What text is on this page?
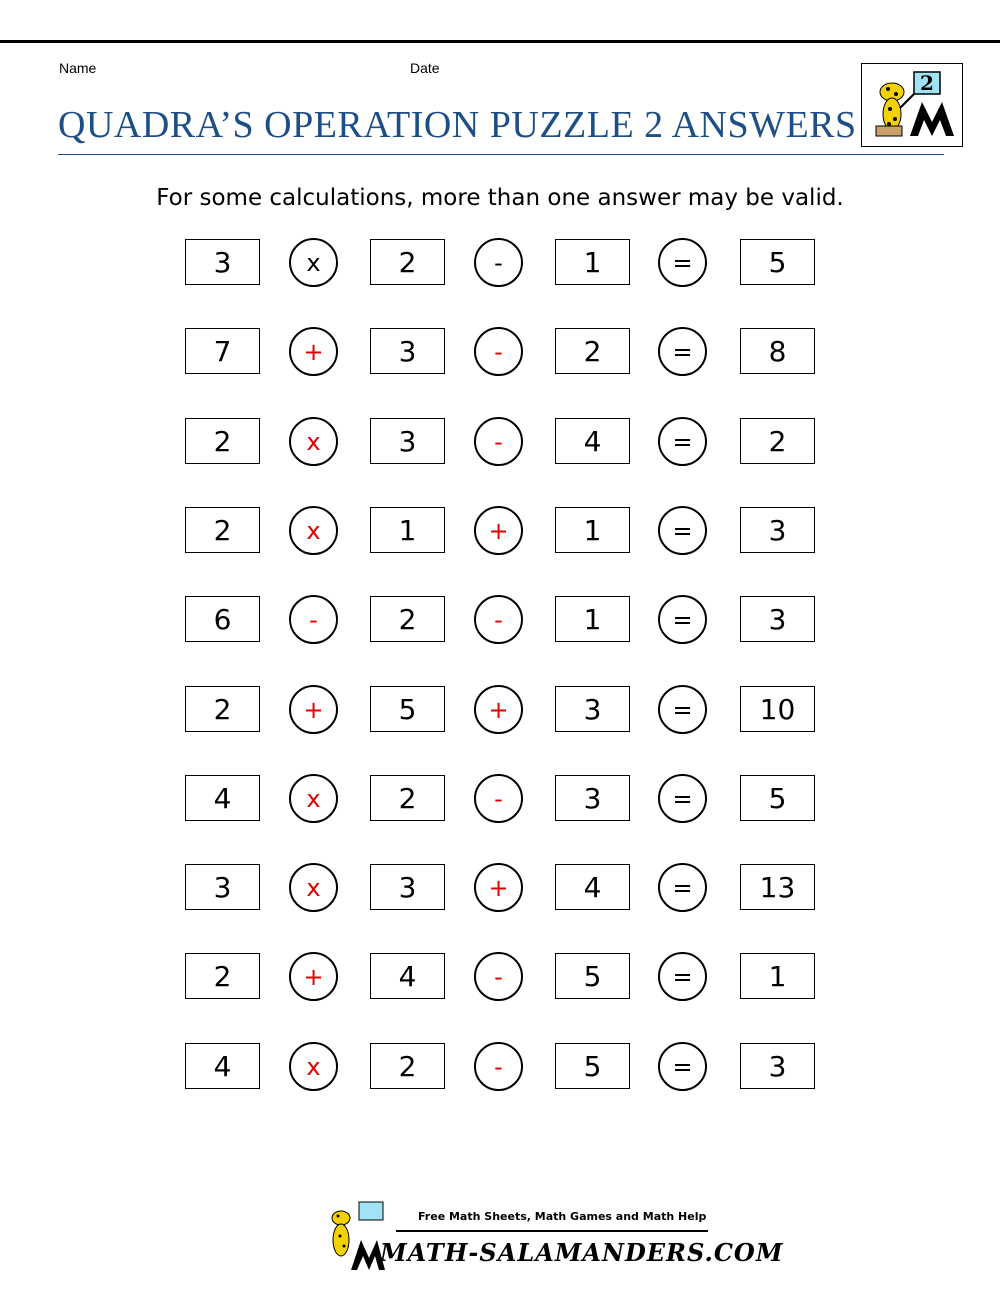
Name	Date
QUADRA’S OPERATION PUZZLE 2 ANSWERS
2
For some calculations, more than one answer may be valid.
3	x	2	-	1	=	5
7	+	3	-	2	=	8
2	x	3	-	4	=	2
2	x	1	+	1	=	3
6	-	2	-	1	=	3
2	+	5	+	3	=	10
4	x	2	-	3	=	5
3	x	3	+	4	=	13
2	+	4	-	5	=	1
4	x	2	-	5	=	3
Free Math Sheets, Math Games and Math Help
MATH-SALAMANDERS.COM
